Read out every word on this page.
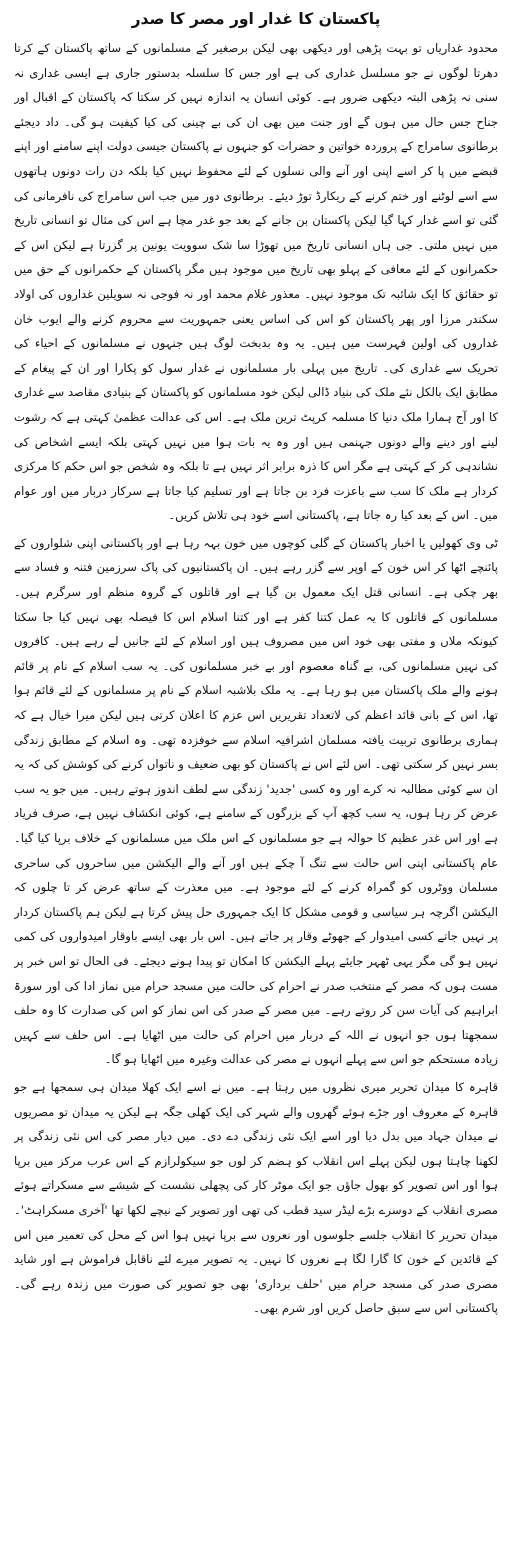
پاکستان کا غدار اور مصر کا صدر

محدود غداریاں تو بہت پڑھی اور دیکھی بھی لیکن برصغیر کے مسلمانوں کے ساتھ پاکستان کے کرتا دھرتا لوگوں نے جو مسلسل غداری کی ہے اور جس کا سلسلہ بدستور جاری ہے ایسی غداری نہ سنی نہ پڑھی البتہ دیکھی ضرور ہے۔ کوئی انسان یہ اندازہ نہیں کر سکتا کہ پاکستان کے اقبال اور جناح جس حال میں ہوں گے اور جنت میں بھی ان کی بے چینی کی کیا کیفیت ہو گی۔ داد دیجئے برطانوی سامراج کے پروردہ خواتین و حضرات کو جنہوں نے پاکستان جیسی دولت اپنے سامنے اور اپنے قبضے میں پا کر اسے اپنی اور آنے والی نسلوں کے لئے محفوظ نہیں کیا بلکہ دن رات دونوں ہاتھوں سے اسے لوٹنے اور ختم کرنے کے ریکارڈ توڑ دیئے۔ برطانوی دور میں جب اس سامراج کی نافرمانی کی گئی تو اسے غدار کہا گیا لیکن پاکستان بن جانے کے بعد جو غدر مچا ہے اس کی مثال تو انسانی تاریخ میں نہیں ملتی۔ جی ہاں انسانی تاریخ میں تھوڑا سا شک سوویت یونین پر گزرتا ہے لیکن اس کے حکمرانوں کے لئے معافی کے پہلو بھی تاریخ میں موجود ہیں مگر پاکستان کے حکمرانوں کے حق میں تو حقائق کا ایک شائبہ تک موجود نہیں۔ معذور غلام محمد اور نہ فوجی نہ سویلین غداروں کی اولاد سکندر مرزا اور پھر پاکستان کو اس کی اساس یعنی جمہوریت سے محروم کرنے والے ایوب خان غداروں کی اولین فہرست میں ہیں۔ یہ وہ بدبخت لوگ ہیں جنہوں نے مسلمانوں کے احیاء کی تحریک سے غداری کی۔ تاریخ میں پہلی بار مسلمانوں نے غدار سول کو پکارا اور ان کے پیغام کے مطابق ایک بالکل نئے ملک کی بنیاد ڈالی لیکن خود مسلمانوں کو پاکستان کے بنیادی مقاصد سے غداری کا اور آج ہمارا ملک دنیا کا مسلمہ کرپٹ ترین ملک ہے۔ اس کی عدالت عظمیٰ کہتی ہے کہ رشوت لینے اور دینے والے دونوں جہنمی ہیں اور وہ یہ بات ہوا میں نہیں کہتی بلکہ ایسے اشخاص کی نشاندہی کر کے کہتی ہے مگر اس کا ذرہ برابر اثر نہیں ہے تا بلکہ وہ شخص جو اس حکم کا مرکزی کردار ہے ملک کا سب سے باعزت فرد بن جاتا ہے اور تسلیم کیا جاتا ہے سرکار دربار میں اور عوام میں۔ اس کے بعد کیا رہ جاتا ہے، پاکستانی اسے خود ہی تلاش کریں۔

ٹی وی کھولیں یا اخبار پاکستان کے گلی کوچوں میں خون بہہ رہا ہے اور پاکستانی اپنی شلواروں کے پائنچے اٹھا کر اس خون کے اوپر سے گزر رہے ہیں۔ ان پاکستانیوں کی پاک سرزمین فتنہ و فساد سے بھر چکی ہے۔ انسانی قتل ایک معمول بن گیا ہے اور قاتلوں کے گروہ منظم اور سرگرم ہیں۔ مسلمانوں کے قاتلوں کا یہ عمل کتنا کفر ہے اور کتنا اسلام اس کا فیصلہ بھی نہیں کیا جا سکتا کیونکہ ملاں و مفتی بھی خود اس میں مصروف ہیں اور اسلام کے لئے جانیں لے رہے ہیں۔ کافروں کی نہیں مسلمانوں کی، بے گناہ معصوم اور بے خبر مسلمانوں کی۔ یہ سب اسلام کے نام پر قائم ہونے والے ملک پاکستان میں ہو رہا ہے۔ یہ ملک بلاشبہ اسلام کے نام پر مسلمانوں کے لئے قائم ہوا تھا، اس کے بانی قائد اعظم کی لاتعداد تقریریں اس عزم کا اعلان کرتی ہیں لیکن میرا خیال ہے کہ ہماری برطانوی تربیت یافتہ مسلمان اشرافیہ اسلام سے خوفزدہ تھی۔ وہ اسلام کے مطابق زندگی بسر نہیں کر سکتی تھی۔ اس لئے اس نے پاکستان کو بھی ضعیف و ناتواں کرنے کی کوشش کی کہ یہ ان سے کوئی مطالبہ نہ کرے اور وہ کسی 'جدید' زندگی سے لطف اندوز ہوتے رہیں۔ میں جو یہ سب عرض کر رہا ہوں، یہ سب کچھ آپ کے بزرگوں کے سامنے ہے، کوئی انکشاف نہیں ہے، صرف فریاد ہے اور اس غدر عظیم کا حوالہ ہے جو مسلمانوں کے اس ملک میں مسلمانوں کے خلاف برپا کیا گیا۔ عام پاکستانی اپنی اس حالت سے تنگ آ چکے ہیں اور آنے والے الیکشن میں ساحروں کی ساحری مسلمان ووٹروں کو گمراہ کرنے کے لئے موجود ہے۔ میں معذرت کے ساتھ عرض کر تا چلوں کہ الیکشن اگرچہ ہر سیاسی و قومی مشکل کا ایک جمہوری حل پیش کرتا ہے لیکن ہم پاکستان کردار پر نہیں جاتے کسی امیدوار کے جھوٹے وقار پر جاتے ہیں۔ اس بار بھی ایسے باوقار امیدواروں کی کمی نہیں ہو گی مگر یہی ٹھہر جایئے پہلے الیکشن کا امکان تو پیدا ہونے دیجئے۔ فی الحال تو اس خبر پر مست ہوں کہ مصر کے منتخب صدر نے احرام کی حالت میں مسجد حرام میں نماز ادا کی اور سورۃ ابراہیم کی آیات سن کر روتے رہے۔ میں مصر کے صدر کی اس نماز کو اس کی صدارت کا وہ حلف سمجھتا ہوں جو انہوں نے اللہ کے دربار میں احرام کی حالت میں اٹھایا ہے۔ اس حلف سے کہیں زیادہ مستحکم جو اس سے پہلے انہوں نے مصر کی عدالت وغیرہ میں اٹھایا ہو گا۔

قاہرہ کا میدان تحریر میری نظروں میں رہتا ہے۔ میں نے اسے ایک کھلا میدان ہی سمجھا ہے جو قاہرہ کے معروف اور جڑے ہوئے گھروں والے شہر کی ایک کھلی جگہ ہے لیکن یہ میدان تو مصریوں نے میدان جہاد میں بدل دیا اور اسے ایک نئی زندگی دے دی۔ میں دیار مصر کی اس نئی زندگی پر لکھنا چاہتا ہوں لیکن پہلے اس انقلاب کو ہضم کر لوں جو سیکولرازم کے اس عرب مرکز میں برپا ہوا اور اس تصویر کو بھول جاؤں جو ایک موٹر کار کی پچھلی نشست کے شیشے سے مسکراتے ہوئے مصری انقلاب کے دوسرے بڑے لیڈر سید قطب کی تھی اور تصویر کے نیچے لکھا تھا 'آخری مسکراہٹ'۔ میدان تحریر کا انقلاب جلسے جلوسوں اور نعروں سے برپا نہیں ہوا اس کے محل کی تعمیر میں اس کے قائدین کے خون کا گارا لگا ہے نعروں کا نہیں۔ یہ تصویر میرے لئے ناقابل فراموش ہے اور شاید مصری صدر کی مسجد حرام میں 'حلف برداری' بھی جو تصویر کی صورت میں زندہ رہے گی۔ پاکستانی اس سے سبق حاصل کریں اور شرم بھی۔
